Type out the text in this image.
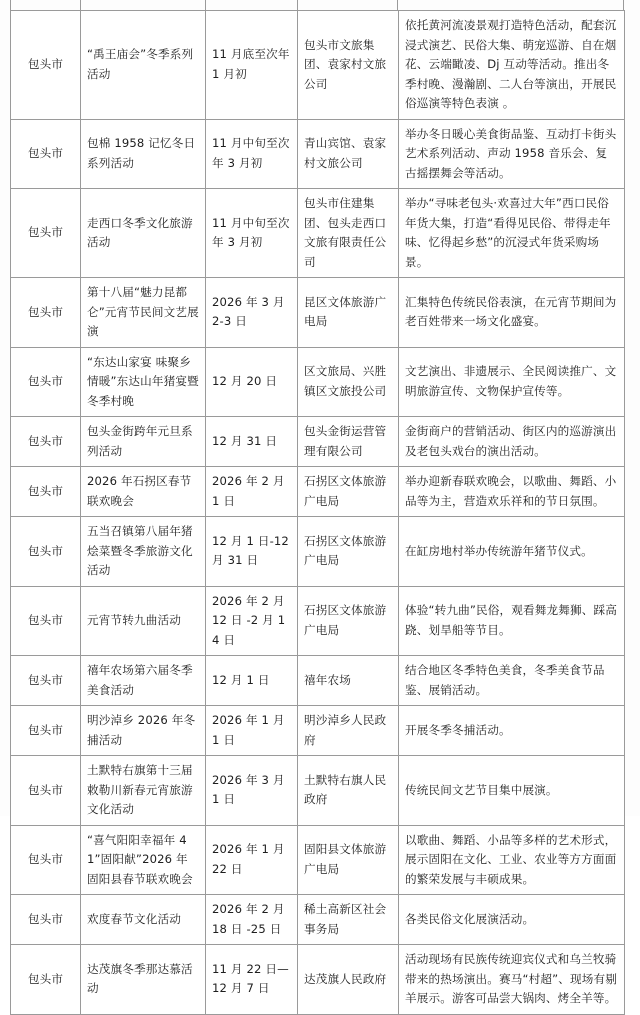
包头市	“禹王庙会”冬季系列活动	11 月底至次年 1 月初	包头市文旅集团、袁家村文旅公司	依托黄河流凌景观打造特色活动，配套沉浸式演艺、民俗大集、萌宠巡游、自在烟花、云端瞰凌、Dj 互动等活动。推出冬季村晚、漫瀚剧、二人台等演出，开展民俗巡演等特色表演 。
包头市	包棉 1958 记忆冬日系列活动	11 月中旬至次年 3 月初	青山宾馆、袁家村文旅公司	举办冬日暖心美食街品鉴、互动打卡街头艺术系列活动、声动 1958 音乐会、复古摇摆舞会等活动。
包头市	走西口冬季文化旅游活动	11 月中旬至次年 3 月初	包头市住建集团、包头走西口文旅有限责任公司	举办“寻味老包头·欢喜过大年”西口民俗年货大集，打造“看得见民俗、带得走年味、忆得起乡愁”的沉浸式年货采购场景。
包头市	第十八届“魅力昆都仑”元宵节民间文艺展演	2026 年 3 月 2-3 日	昆区文体旅游广电局	汇集特色传统民俗表演，在元宵节期间为老百姓带来一场文化盛宴。
包头市	“东达山家宴 味聚乡情暖”东达山年猪宴暨冬季村晚	12 月 20 日	区文旅局、兴胜镇区文旅投公司	文艺演出、非遗展示、全民阅读推广、文明旅游宣传、文物保护宣传等。
包头市	包头金街跨年元旦系列活动	12 月 31 日	包头金街运营管理有限公司	金街商户的营销活动、街区内的巡游演出及老包头戏台的演出活动。
包头市	2026 年石拐区春节联欢晚会	2026 年 2 月 1 日	石拐区文体旅游广电局	举办迎新春联欢晚会，以歌曲、舞蹈、小品等为主，营造欢乐祥和的节日氛围。
包头市	五当召镇第八届年猪烩菜暨冬季旅游文化活动	12 月 1 日-12 月 31 日	石拐区文体旅游广电局	在缸房地村举办传统游年猪节仪式。
包头市	元宵节转九曲活动	2026 年 2 月 12 日 -2 月 14 日	石拐区文体旅游广电局	体验“转九曲”民俗，观看舞龙舞狮、踩高跷、划旱船等节目。
包头市	禧年农场第六届冬季美食活动	12 月 1 日	禧年农场	结合地区冬季特色美食，冬季美食节品鉴、展销活动。
包头市	明沙淖乡 2026 年冬捕活动	2026 年 1 月 1 日	明沙淖乡人民政府	开展冬季冬捕活动。
包头市	土默特右旗第十三届敕勒川新春元宵旅游文化活动	2026 年 3 月 1 日	土默特右旗人民政府	传统民间文艺节目集中展演。
包头市	“喜气阳阳幸福年 41”固阳献”2026 年固阳县春节联欢晚会	2026 年 1 月 22 日	固阳县文体旅游广电局	以歌曲、舞蹈、小品等多样的艺术形式，展示固阳在文化、工业、农业等方方面面的繁荣发展与丰硕成果。
包头市	欢度春节文化活动	2026 年 2 月 18 日 -25 日	稀土高新区社会事务局	各类民俗文化展演活动。
包头市	达茂旗冬季那达慕活动	11 月 22 日—12 月 7 日	达茂旗人民政府	活动现场有民族传统迎宾仪式和乌兰牧骑带来的热场演出。赛马“村超”、现场有剔羊展示。游客可品尝大锅肉、烤全羊等。
